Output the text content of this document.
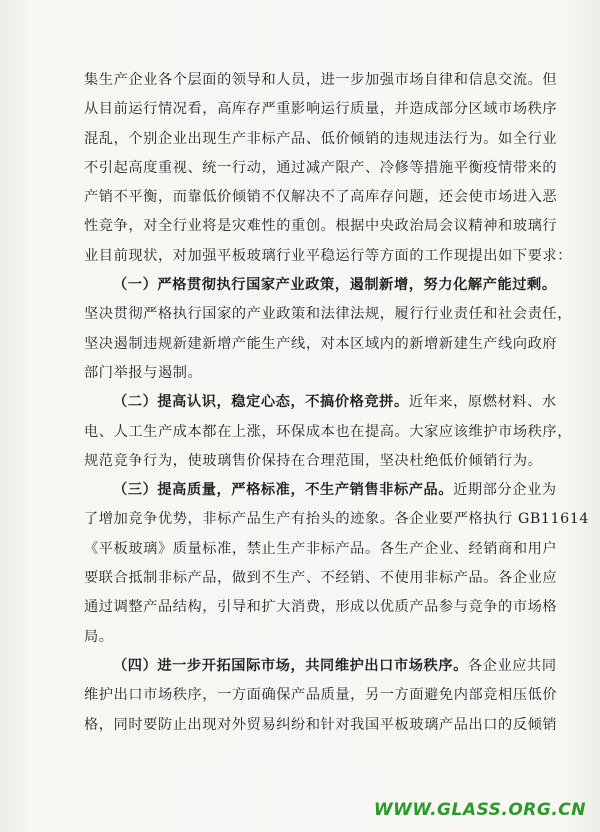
集生产企业各个层面的领导和人员，进一步加强市场自律和信息交流。但
从目前运行情况看，高库存严重影响运行质量，并造成部分区域市场秩序
混乱，个别企业出现生产非标产品、低价倾销的违规违法行为。如全行业
不引起高度重视、统一行动，通过减产限产、冷修等措施平衡疫情带来的
产销不平衡，而靠低价倾销不仅解决不了高库存问题，还会使市场进入恶
性竞争，对全行业将是灾难性的重创。根据中央政治局会议精神和玻璃行
业目前现状，对加强平板玻璃行业平稳运行等方面的工作现提出如下要求：
（一）严格贯彻执行国家产业政策，遏制新增，努力化解产能过剩。
坚决贯彻严格执行国家的产业政策和法律法规，履行行业责任和社会责任，
坚决遏制违规新建新增产能生产线，对本区域内的新增新建生产线向政府
部门举报与遏制。
（二）提高认识，稳定心态，不搞价格竞拼。近年来，原燃材料、水
电、人工生产成本都在上涨，环保成本也在提高。大家应该维护市场秩序，
规范竞争行为，使玻璃售价保持在合理范围，坚决杜绝低价倾销行为。
（三）提高质量，严格标准，不生产销售非标产品。近期部分企业为
了增加竞争优势，非标产品生产有抬头的迹象。各企业要严格执行 GB11614
《平板玻璃》质量标准，禁止生产非标产品。各生产企业、经销商和用户
要联合抵制非标产品，做到不生产、不经销、不使用非标产品。各企业应
通过调整产品结构，引导和扩大消费，形成以优质产品参与竞争的市场格
局。
（四）进一步开拓国际市场，共同维护出口市场秩序。各企业应共同
维护出口市场秩序，一方面确保产品质量，另一方面避免内部竞相压低价
格，同时要防止出现对外贸易纠纷和针对我国平板玻璃产品出口的反倾销
WWW.GLASS.ORG.CN
